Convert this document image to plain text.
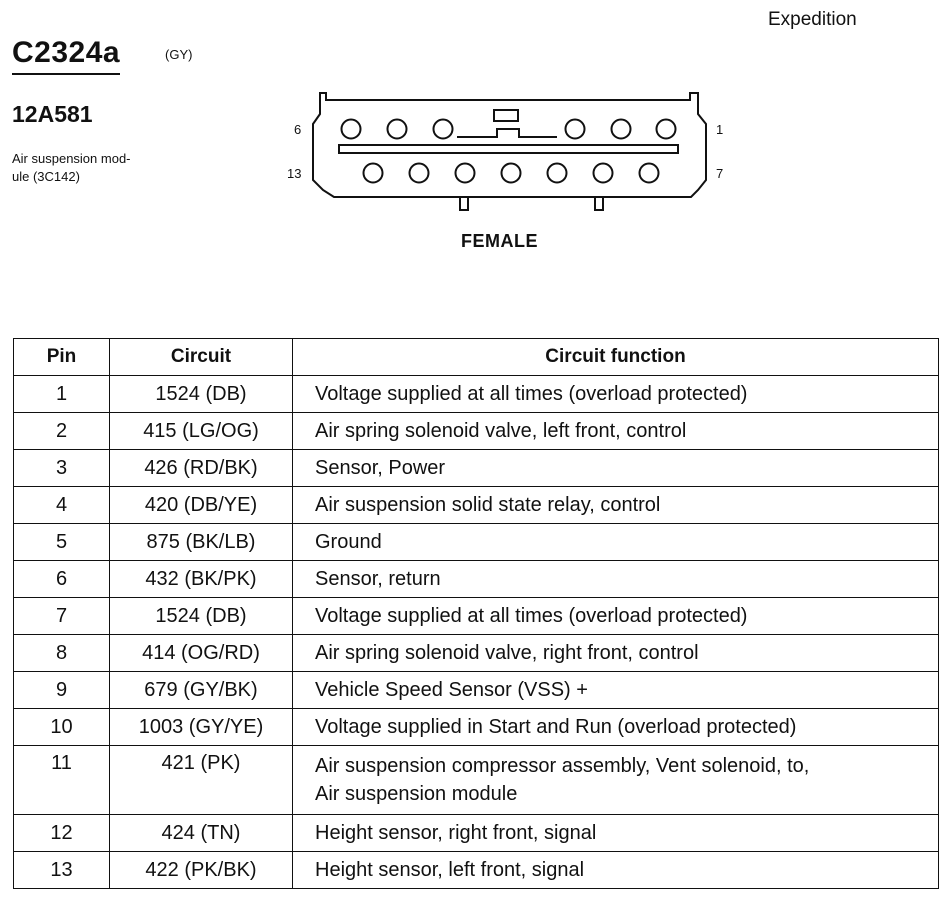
Expedition
C2324a	(GY)
12A581
Air suspension mod-
ule (3C142)
6	1
13	7
FEMALE
Pin	Circuit	Circuit function
1	1524 (DB)	Voltage supplied at all times (overload protected)
2	415 (LG/OG)	Air spring solenoid valve, left front, control
3	426 (RD/BK)	Sensor, Power
4	420 (DB/YE)	Air suspension solid state relay, control
5	875 (BK/LB)	Ground
6	432 (BK/PK)	Sensor, return
7	1524 (DB)	Voltage supplied at all times (overload protected)
8	414 (OG/RD)	Air spring solenoid valve, right front, control
9	679 (GY/BK)	Vehicle Speed Sensor (VSS) +
10	1003 (GY/YE)	Voltage supplied in Start and Run (overload protected)
11	421 (PK)	Air suspension compressor assembly, Vent solenoid, to,
Air suspension module

12	424 (TN)	Height sensor, right front, signal
13	422 (PK/BK)	Height sensor, left front, signal
